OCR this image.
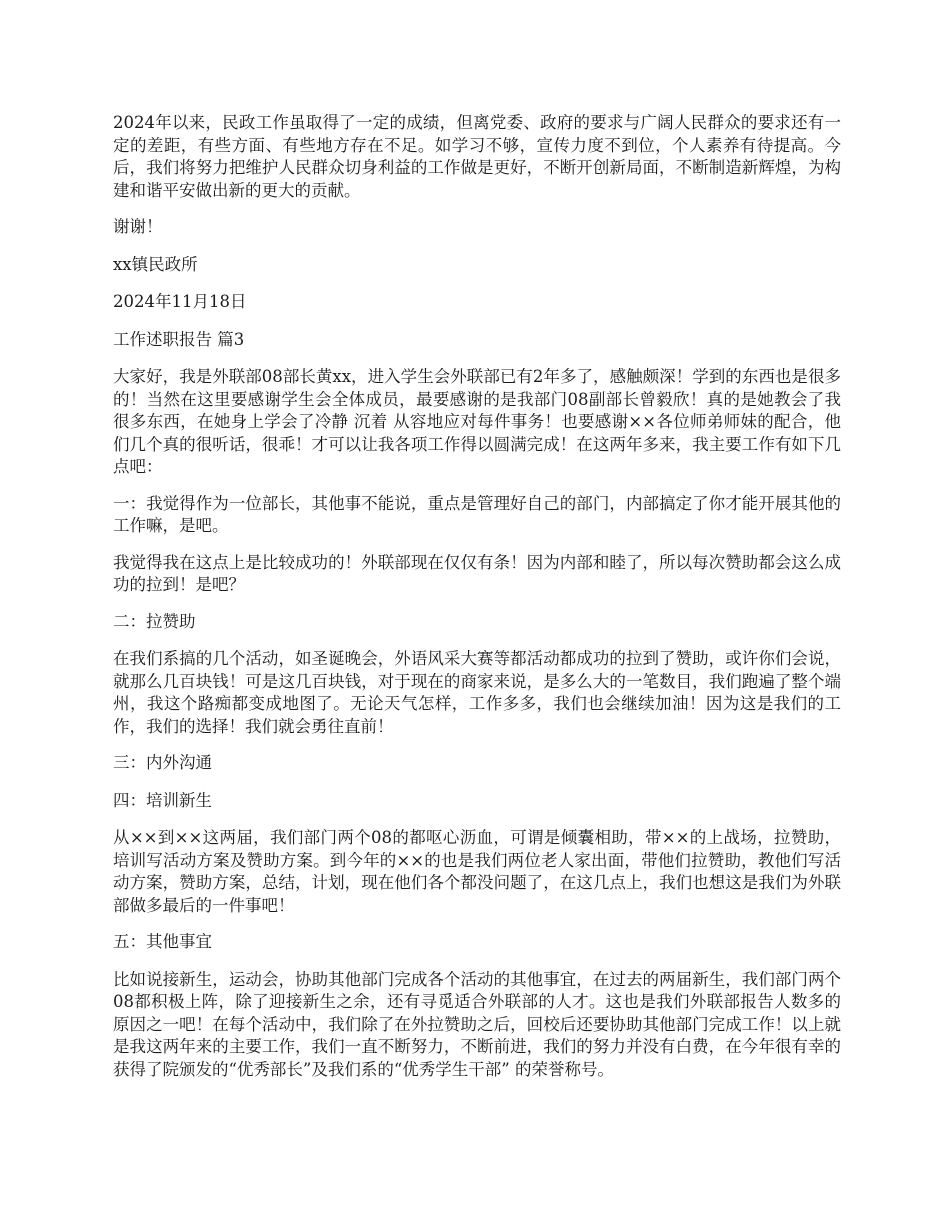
2024年以来，民政工作虽取得了一定的成绩，但离党委、政府的要求与广阔人民群众的要求还有一定的差距，有些方面、有些地方存在不足。如学习不够，宣传力度不到位，个人素养有待提高。今后，我们将努力把维护人民群众切身利益的工作做是更好，不断开创新局面，不断制造新辉煌，为构建和谐平安做出新的更大的贡献。

谢谢！

xx镇民政所

2024年11月18日

工作述职报告 篇3

大家好，我是外联部08部长黄xx，进入学生会外联部已有2年多了，感触颇深！学到的东西也是很多的！当然在这里要感谢学生会全体成员，最要感谢的是我部门08副部长曾毅欣！真的是她教会了我很多东西，在她身上学会了冷静 沉着 从容地应对每件事务！也要感谢××各位师弟师妹的配合，他们几个真的很听话，很乖！才可以让我各项工作得以圆满完成！在这两年多来，我主要工作有如下几点吧：

一：我觉得作为一位部长，其他事不能说，重点是管理好自己的部门，内部搞定了你才能开展其他的工作嘛，是吧。

我觉得我在这点上是比较成功的！外联部现在仅仅有条！因为内部和睦了，所以每次赞助都会这么成功的拉到！是吧？

二：拉赞助

在我们系搞的几个活动，如圣诞晚会，外语风采大赛等都活动都成功的拉到了赞助，或许你们会说，就那么几百块钱！可是这几百块钱，对于现在的商家来说，是多么大的一笔数目，我们跑遍了整个端州，我这个路痴都变成地图了。无论天气怎样，工作多多，我们也会继续加油！因为这是我们的工作，我们的选择！我们就会勇往直前！

三：内外沟通

四：培训新生

从××到××这两届，我们部门两个08的都呕心沥血，可谓是倾囊相助，带××的上战场，拉赞助，培训写活动方案及赞助方案。到今年的××的也是我们两位老人家出面，带他们拉赞助，教他们写活动方案，赞助方案，总结，计划，现在他们各个都没问题了，在这几点上，我们也想这是我们为外联部做多最后的一件事吧！

五：其他事宜

比如说接新生，运动会，协助其他部门完成各个活动的其他事宜，在过去的两届新生，我们部门两个08都积极上阵，除了迎接新生之余，还有寻觅适合外联部的人才。这也是我们外联部报告人数多的原因之一吧！在每个活动中，我们除了在外拉赞助之后，回校后还要协助其他部门完成工作！以上就是我这两年来的主要工作，我们一直不断努力，不断前进，我们的努力并没有白费，在今年很有幸的获得了院颁发的“优秀部长”及我们系的“优秀学生干部” 的荣誉称号。
